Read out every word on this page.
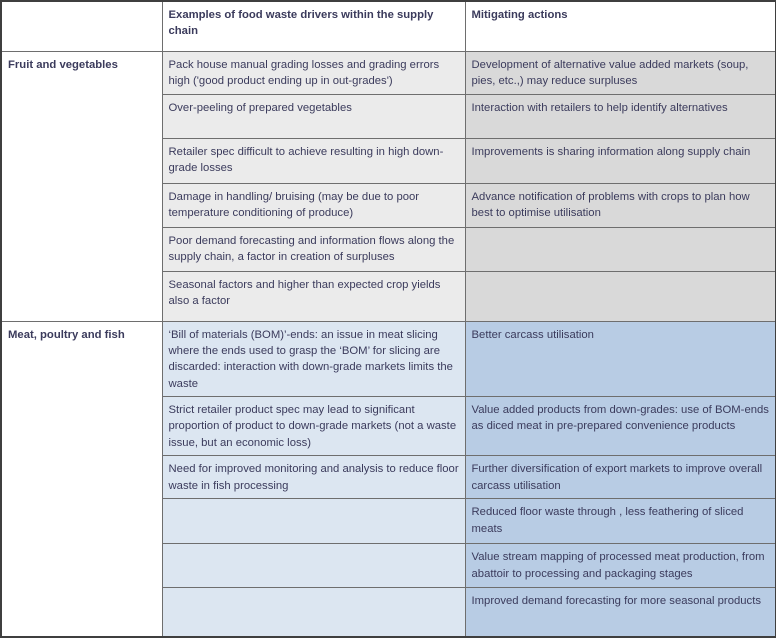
	Examples of food waste drivers within the supply chain	Mitigating actions
Fruit and vegetables	Pack house manual grading losses and grading errors high ('good product ending up in out-grades')	Development of alternative value added markets (soup, pies, etc.,) may reduce surpluses
	Over-peeling of prepared vegetables	Interaction with retailers to help identify alternatives
	Retailer spec difficult to achieve resulting in high down-grade losses	Improvements is sharing information along supply chain
	Damage in handling/ bruising (may be due to poor temperature conditioning of produce)	Advance notification of problems with crops to plan how best to optimise utilisation
	Poor demand forecasting and information flows along the supply chain, a factor in creation of surpluses	
	Seasonal factors and higher than expected crop yields also a factor	
Meat, poultry and fish	‘Bill of materials (BOM)’-ends: an issue in meat slicing where the ends used to grasp the ‘BOM’ for slicing are discarded: interaction with down-grade markets limits the waste	Better carcass utilisation
	Strict retailer product spec may lead to significant proportion of product to down-grade markets (not a waste issue, but an economic loss)	Value added products from down-grades: use of BOM-ends as diced meat in pre-prepared convenience products
	Need for improved monitoring and analysis to reduce floor waste in fish processing	Further diversification of export markets to improve overall carcass utilisation
		Reduced floor waste through , less feathering of sliced meats
		Value stream mapping of processed meat production, from abattoir to processing and packaging stages
		Improved demand forecasting for more seasonal products
